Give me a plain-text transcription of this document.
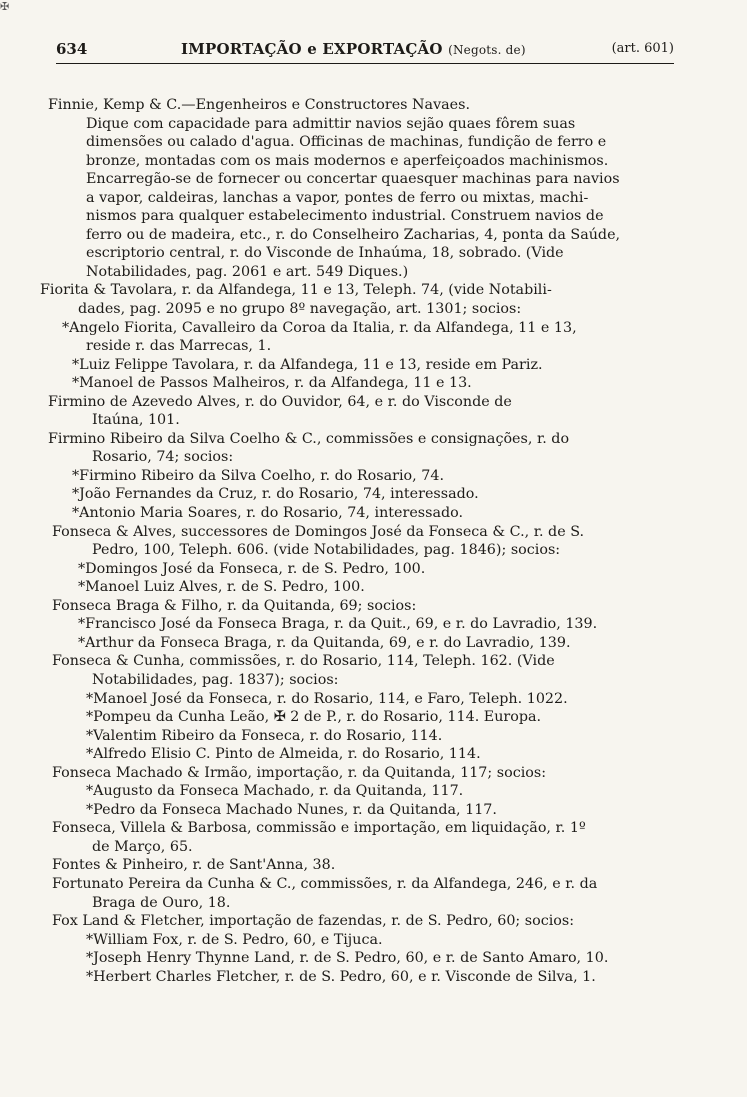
✠
634	IMPORTAÇÃO e EXPORTAÇÃO (Negots. de)	(art. 601)
Finnie, Kemp & C.—Engenheiros e Constructores Navaes.
Dique com capacidade para admittir navios sejão quaes fôrem suas
dimensões ou calado d'agua. Officinas de machinas, fundição de ferro e
bronze, montadas com os mais modernos e aperfeiçoados machinismos.
Encarregão-se de fornecer ou concertar quaesquer machinas para navios
a vapor, caldeiras, lanchas a vapor, pontes de ferro ou mixtas, machi-
nismos para qualquer estabelecimento industrial. Construem navios de
ferro ou de madeira, etc., r. do Conselheiro Zacharias, 4, ponta da Saúde,
escriptorio central, r. do Visconde de Inhaúma, 18, sobrado. (Vide
Notabilidades, pag. 2061 e art. 549 Diques.)
Fiorita & Tavolara, r. da Alfandega, 11 e 13, Teleph. 74, (vide Notabili-
dades, pag. 2095 e no grupo 8º navegação, art. 1301; socios:
*Angelo Fiorita, Cavalleiro da Coroa da Italia, r. da Alfandega, 11 e 13,
reside r. das Marrecas, 1.
*Luiz Felippe Tavolara, r. da Alfandega, 11 e 13, reside em Pariz.
*Manoel de Passos Malheiros, r. da Alfandega, 11 e 13.
Firmino de Azevedo Alves, r. do Ouvidor, 64, e r. do Visconde de
Itaúna, 101.
Firmino Ribeiro da Silva Coelho & C., commissões e consignações, r. do
Rosario, 74; socios:
*Firmino Ribeiro da Silva Coelho, r. do Rosario, 74.
*João Fernandes da Cruz, r. do Rosario, 74, interessado.
*Antonio Maria Soares, r. do Rosario, 74, interessado.
Fonseca & Alves, successores de Domingos José da Fonseca & C., r. de S.
Pedro, 100, Teleph. 606. (vide Notabilidades, pag. 1846); socios:
*Domingos José da Fonseca, r. de S. Pedro, 100.
*Manoel Luiz Alves, r. de S. Pedro, 100.
Fonseca Braga & Filho, r. da Quitanda, 69; socios:
*Francisco José da Fonseca Braga, r. da Quit., 69, e r. do Lavradio, 139.
*Arthur da Fonseca Braga, r. da Quitanda, 69, e r. do Lavradio, 139.
Fonseca & Cunha, commissões, r. do Rosario, 114, Teleph. 162. (Vide
Notabilidades, pag. 1837); socios:
*Manoel José da Fonseca, r. do Rosario, 114, e Faro, Teleph. 1022.
*Pompeu da Cunha Leão, ✠ 2 de P., r. do Rosario, 114. Europa.
*Valentim Ribeiro da Fonseca, r. do Rosario, 114.
*Alfredo Elisio C. Pinto de Almeida, r. do Rosario, 114.
Fonseca Machado & Irmão, importação, r. da Quitanda, 117; socios:
*Augusto da Fonseca Machado, r. da Quitanda, 117.
*Pedro da Fonseca Machado Nunes, r. da Quitanda, 117.
Fonseca, Villela & Barbosa, commissão e importação, em liquidação, r. 1º
de Março, 65.
Fontes & Pinheiro, r. de Sant'Anna, 38.
Fortunato Pereira da Cunha & C., commissões, r. da Alfandega, 246, e r. da
Braga de Ouro, 18.
Fox Land & Fletcher, importação de fazendas, r. de S. Pedro, 60; socios:
*William Fox, r. de S. Pedro, 60, e Tijuca.
*Joseph Henry Thynne Land, r. de S. Pedro, 60, e r. de Santo Amaro, 10.
*Herbert Charles Fletcher, r. de S. Pedro, 60, e r. Visconde de Silva, 1.
